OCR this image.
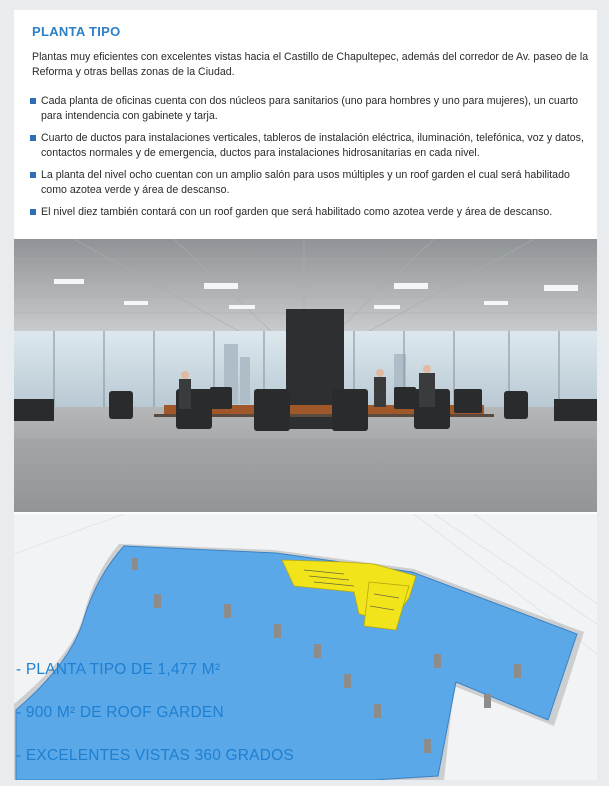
PLANTA TIPO

Plantas muy eficientes con excelentes vistas hacia el Castillo de Chapultepec, además del corredor de Av. paseo de la Reforma y otras bellas zonas de la Ciudad.

Cada planta de oficinas cuenta con dos núcleos para sanitarios (uno para hombres y uno para mujeres), un cuarto para intendencia con gabinete y tarja.
Cuarto de ductos para instalaciones verticales, tableros de instalación eléctrica, iluminación, telefónica, voz y datos, contactos normales y de emergencia, ductos para instalaciones hidrosanitarias en cada nivel.
La planta del nivel ocho cuentan con un amplio salón para usos múltiples y un roof garden el cual será habilitado como azotea verde y área de descanso.
El nivel diez también contará con un roof garden que será habilitado como azotea verde y área de descanso.
- PLANTA TIPO DE 1,477 M²
- 900 M² DE ROOF GARDEN
- EXCELENTES VISTAS 360 GRADOS
